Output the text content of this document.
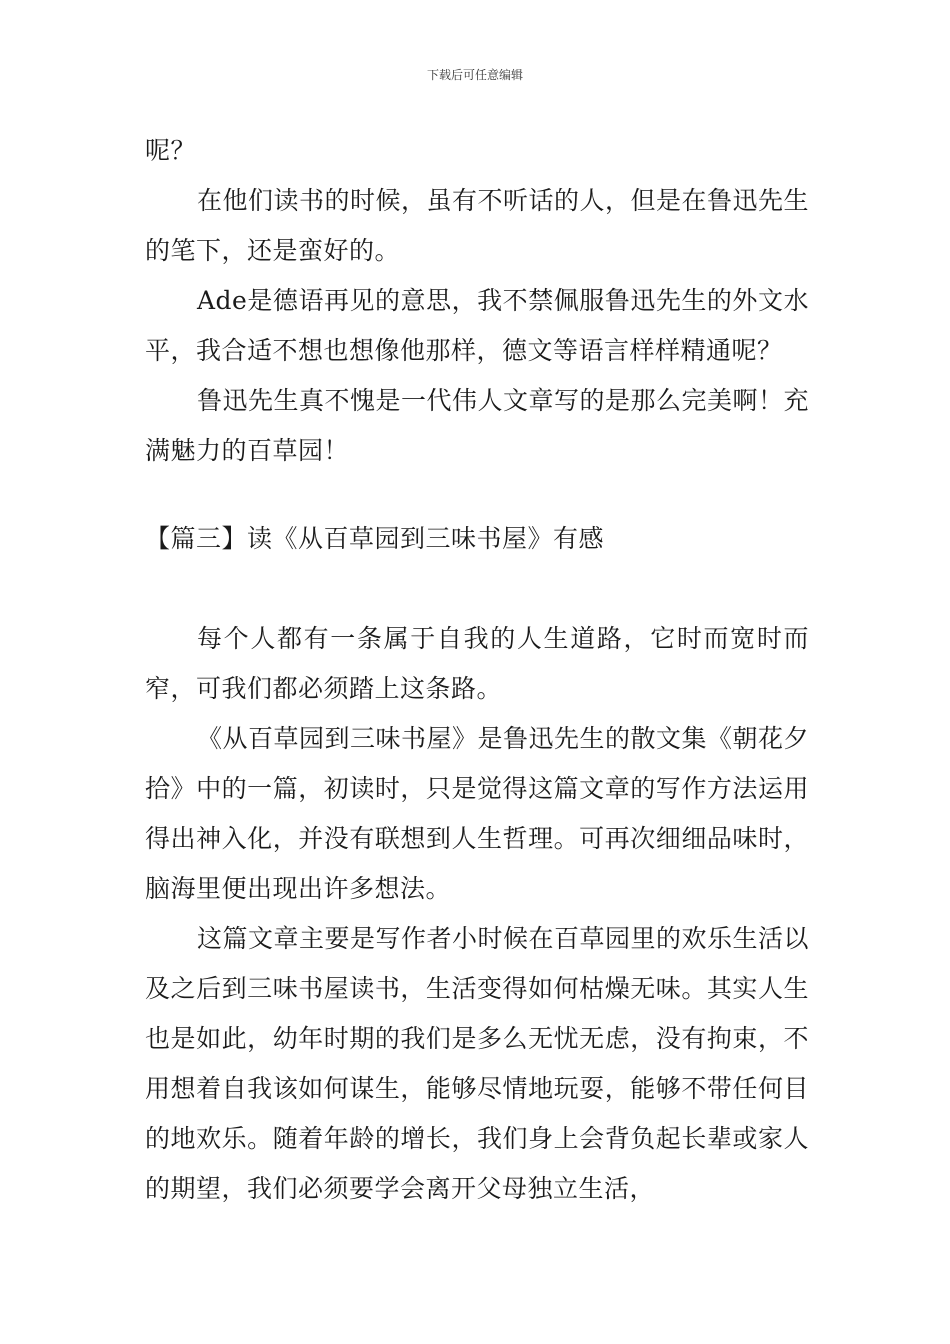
下载后可任意编辑

呢？

在他们读书的时候，虽有不听话的人，但是在鲁迅先生的笔下，还是蛮好的。

Ade是德语再见的意思，我不禁佩服鲁迅先生的外文水平，我合适不想也想像他那样，德文等语言样样精通呢？

鲁迅先生真不愧是一代伟人文章写的是那么完美啊！充满魅力的百草园！

【篇三】读《从百草园到三味书屋》有感

每个人都有一条属于自我的人生道路，它时而宽时而窄，可我们都必须踏上这条路。

《从百草园到三味书屋》是鲁迅先生的散文集《朝花夕拾》中的一篇，初读时，只是觉得这篇文章的写作方法运用得出神入化，并没有联想到人生哲理。可再次细细品味时，脑海里便出现出许多想法。

这篇文章主要是写作者小时候在百草园里的欢乐生活以及之后到三味书屋读书，生活变得如何枯燥无味。其实人生也是如此，幼年时期的我们是多么无忧无虑，没有拘束，不用想着自我该如何谋生，能够尽情地玩耍，能够不带任何目的地欢乐。随着年龄的增长，我们身上会背负起长辈或家人的期望，我们必须要学会离开父母独立生活，
